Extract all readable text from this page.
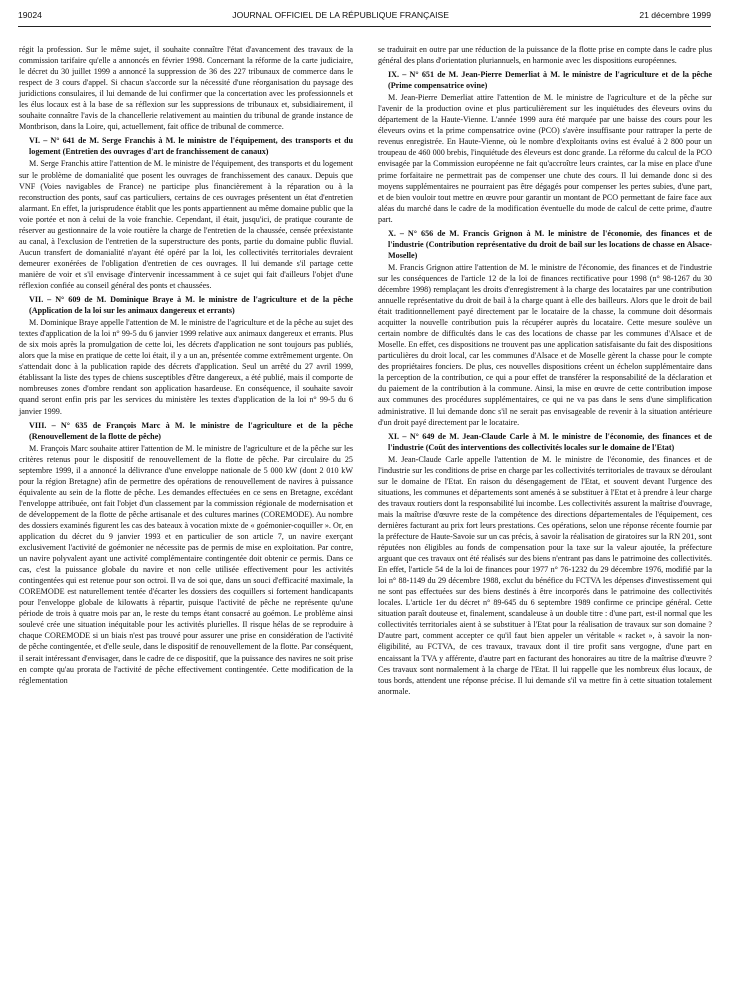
19024	JOURNAL OFFICIEL DE LA RÉPUBLIQUE FRANÇAISE	21 décembre 1999

régit la profession. Sur le même sujet, il souhaite connaître l'état d'avancement des travaux de la commission tarifaire qu'elle a annoncés en février 1998. Concernant la réforme de la carte judiciaire, le décret du 30 juillet 1999 a annoncé la suppression de 36 des 227 tribunaux de commerce dans le respect de 3 cours d'appel. Si chacun s'accorde sur la nécessité d'une réorganisation du paysage des juridictions consulaires, il lui demande de lui confirmer que la concertation avec les professionnels et les élus locaux est à la base de sa réflexion sur les suppressions de tribunaux et, subsidiairement, il souhaite connaître l'avis de la chancellerie relativement au maintien du tribunal de grande instance de Montbrison, dans la Loire, qui, actuellement, fait office de tribunal de commerce.

VI. – N° 641 de M. Serge Franchis à M. le ministre de l'équipement, des transports et du logement (Entretien des ouvrages d'art de franchissement de canaux)

M. Serge Franchis attire l'attention de M. le ministre de l'équipement, des transports et du logement sur le problème de domanialité que posent les ouvrages de franchissement des canaux. Depuis que VNF (Voies navigables de France) ne participe plus financièrement à la réparation ou à la reconstruction des ponts, sauf cas particuliers, certains de ces ouvrages présentent un état d'entretien alarmant. En effet, la jurisprudence établit que les ponts appartiennent au même domaine public que la voie portée et non à celui de la voie franchie. Cependant, il était, jusqu'ici, de pratique courante de réserver au gestionnaire de la voie routière la charge de l'entretien de la chaussée, censée préexistante au canal, à l'exclusion de l'entretien de la superstructure des ponts, partie du domaine public fluvial. Aucun transfert de domanialité n'ayant été opéré par la loi, les collectivités territoriales devraient demeurer exonérées de l'obligation d'entretien de ces ouvrages. Il lui demande s'il partage cette manière de voir et s'il envisage d'intervenir incessamment à ce sujet qui fait d'ailleurs l'objet d'une réflexion confiée au conseil général des ponts et chaussées.

VII. – N° 609 de M. Dominique Braye à M. le ministre de l'agriculture et de la pêche (Application de la loi sur les animaux dangereux et errants)

M. Dominique Braye appelle l'attention de M. le ministre de l'agriculture et de la pêche au sujet des textes d'application de la loi n° 99-5 du 6 janvier 1999 relative aux animaux dangereux et errants. Plus de six mois après la promulgation de cette loi, les décrets d'application ne sont toujours pas publiés, alors que la mise en pratique de cette loi était, il y a un an, présentée comme extrêmement urgente. On s'attendait donc à la publication rapide des décrets d'application. Seul un arrêté du 27 avril 1999, établissant la liste des types de chiens susceptibles d'être dangereux, a été publié, mais il comporte de nombreuses zones d'ombre rendant son application hasardeuse. En conséquence, il souhaite savoir quand seront enfin pris par les services du ministère les textes d'application de la loi n° 99-5 du 6 janvier 1999.

VIII. – N° 635 de François Marc à M. le ministre de l'agriculture et de la pêche (Renouvellement de la flotte de pêche)

M. François Marc souhaite attirer l'attention de M. le ministre de l'agriculture et de la pêche sur les critères retenus pour le dispositif de renouvellement de la flotte de pêche. Par circulaire du 25 septembre 1999, il a annoncé la délivrance d'une enveloppe nationale de 5 000 kW (dont 2 010 kW pour la région Bretagne) afin de permettre des opérations de renouvellement de navires à puissance équivalente au sein de la flotte de pêche. Les demandes effectuées en ce sens en Bretagne, excédant l'enveloppe attribuée, ont fait l'objet d'un classement par la commission régionale de modernisation et de développement de la flotte de pêche artisanale et des cultures marines (COREMODE). Au nombre des dossiers examinés figurent les cas des bateaux à vocation mixte de « goémonier-coquiller ». Or, en application du décret du 9 janvier 1993 et en particulier de son article 7, un navire exerçant exclusivement l'activité de goémonier ne nécessite pas de permis de mise en exploitation. Par contre, un navire polyvalent ayant une activité complémentaire contingentée doit obtenir ce permis. Dans ce cas, c'est la puissance globale du navire et non celle utilisée effectivement pour les activités contingentées qui est retenue pour son octroi. Il va de soi que, dans un souci d'efficacité maximale, la COREMODE est naturellement tentée d'écarter les dossiers des coquillers si fortement handicapants pour l'enveloppe globale de kilowatts à répartir, puisque l'activité de pêche ne représente qu'une période de trois à quatre mois par an, le reste du temps étant consacré au goémon. Le problème ainsi soulevé crée une situation inéquitable pour les activités plurielles. Il risque hélas de se reproduire à chaque COREMODE si un biais n'est pas trouvé pour assurer une prise en considération de l'activité de pêche contingentée, et d'elle seule, dans le dispositif de renouvellement de la flotte. Par conséquent, il serait intéressant d'envisager, dans le cadre de ce dispositif, que la puissance des navires ne soit prise en compte qu'au prorata de l'activité de pêche effectivement contingentée. Cette modification de la réglementation

se traduirait en outre par une réduction de la puissance de la flotte prise en compte dans le cadre plus général des plans d'orientation pluriannuels, en harmonie avec les dispositions européennes.

IX. – N° 651 de M. Jean-Pierre Demerliat à M. le ministre de l'agriculture et de la pêche (Prime compensatrice ovine)

M. Jean-Pierre Demerliat attire l'attention de M. le ministre de l'agriculture et de la pêche sur l'avenir de la production ovine et plus particulièrement sur les inquiétudes des éleveurs ovins du département de la Haute-Vienne. L'année 1999 aura été marquée par une baisse des cours pour les éleveurs ovins et la prime compensatrice ovine (PCO) s'avère insuffisante pour rattraper la perte de revenus enregistrée. En Haute-Vienne, où le nombre d'exploitants ovins est évalué à 2 800 pour un troupeau de 460 000 brebis, l'inquiétude des éleveurs est donc grande. La réforme du calcul de la PCO envisagée par la Commission européenne ne fait qu'accroître leurs craintes, car la mise en place d'une prime forfaitaire ne permettrait pas de compenser une chute des cours. Il lui demande donc si des moyens supplémentaires ne pourraient pas être dégagés pour compenser les pertes subies, d'une part, et de bien vouloir tout mettre en œuvre pour garantir un montant de PCO permettant de faire face aux aléas du marché dans le cadre de la modification éventuelle du mode de calcul de cette prime, d'autre part.

X. – N° 656 de M. Francis Grignon à M. le ministre de l'économie, des finances et de l'industrie (Contribution représentative du droit de bail sur les locations de chasse en Alsace-Moselle)

M. Francis Grignon attire l'attention de M. le ministre de l'économie, des finances et de l'industrie sur les conséquences de l'article 12 de la loi de finances rectificative pour 1998 (n° 98-1267 du 30 décembre 1998) remplaçant les droits d'enregistrement à la charge des locataires par une contribution annuelle représentative du droit de bail à la charge quant à elle des bailleurs. Alors que le droit de bail était traditionnellement payé directement par le locataire de la chasse, la commune doit désormais acquitter la nouvelle contribution puis la récupérer auprès du locataire. Cette mesure soulève un certain nombre de difficultés dans le cas des locations de chasse par les communes d'Alsace et de Moselle. En effet, ces dispositions ne trouvent pas une application satisfaisante du fait des dispositions particulières du droit local, car les communes d'Alsace et de Moselle gèrent la chasse pour le compte des propriétaires fonciers. De plus, ces nouvelles dispositions créent un échelon supplémentaire dans la perception de la contribution, ce qui a pour effet de transférer la responsabilité de la déclaration et du paiement de la contribution à la commune. Ainsi, la mise en œuvre de cette contribution impose aux communes des procédures supplémentaires, ce qui ne va pas dans le sens d'une simplification administrative. Il lui demande donc s'il ne serait pas envisageable de revenir à la situation antérieure d'un droit payé directement par le locataire.

XI. – N° 649 de M. Jean-Claude Carle à M. le ministre de l'économie, des finances et de l'industrie (Coût des interventions des collectivités locales sur le domaine de l'Etat)

M. Jean-Claude Carle appelle l'attention de M. le ministre de l'économie, des finances et de l'industrie sur les conditions de prise en charge par les collectivités territoriales de travaux se déroulant sur le domaine de l'Etat. En raison du désengagement de l'Etat, et souvent devant l'urgence des situations, les communes et départements sont amenés à se substituer à l'Etat et à prendre à leur charge des travaux routiers dont la responsabilité lui incombe. Les collectivités assurent la maîtrise d'ouvrage, mais la maîtrise d'œuvre reste de la compétence des directions départementales de l'équipement, ces dernières facturant au prix fort leurs prestations. Ces opérations, selon une réponse récente fournie par la préfecture de Haute-Savoie sur un cas précis, à savoir la réalisation de giratoires sur la RN 201, sont réputées non éligibles au fonds de compensation pour la taxe sur la valeur ajoutée, la préfecture arguant que ces travaux ont été réalisés sur des biens n'entrant pas dans le patrimoine des collectivités. En effet, l'article 54 de la loi de finances pour 1977 n° 76-1232 du 29 décembre 1976, modifié par la loi n° 88-1149 du 29 décembre 1988, exclut du bénéfice du FCTVA les dépenses d'investissement qui ne sont pas effectuées sur des biens destinés à être incorporés dans le patrimoine des collectivités locales. L'article 1er du décret n° 89-645 du 6 septembre 1989 confirme ce principe général. Cette situation paraît douteuse et, finalement, scandaleuse à un double titre : d'une part, est-il normal que les collectivités territoriales aient à se substituer à l'Etat pour la réalisation de travaux sur son domaine ? D'autre part, comment accepter ce qu'il faut bien appeler un véritable « racket », à savoir la non-éligibilité, au FCTVA, de ces travaux, travaux dont il tire profit sans vergogne, d'une part en encaissant la TVA y afférente, d'autre part en facturant des honoraires au titre de la maîtrise d'œuvre ? Ces travaux sont normalement à la charge de l'Etat. Il lui rappelle que les nombreux élus locaux, de tous bords, attendent une réponse précise. Il lui demande s'il va mettre fin à cette situation totalement anormale.
